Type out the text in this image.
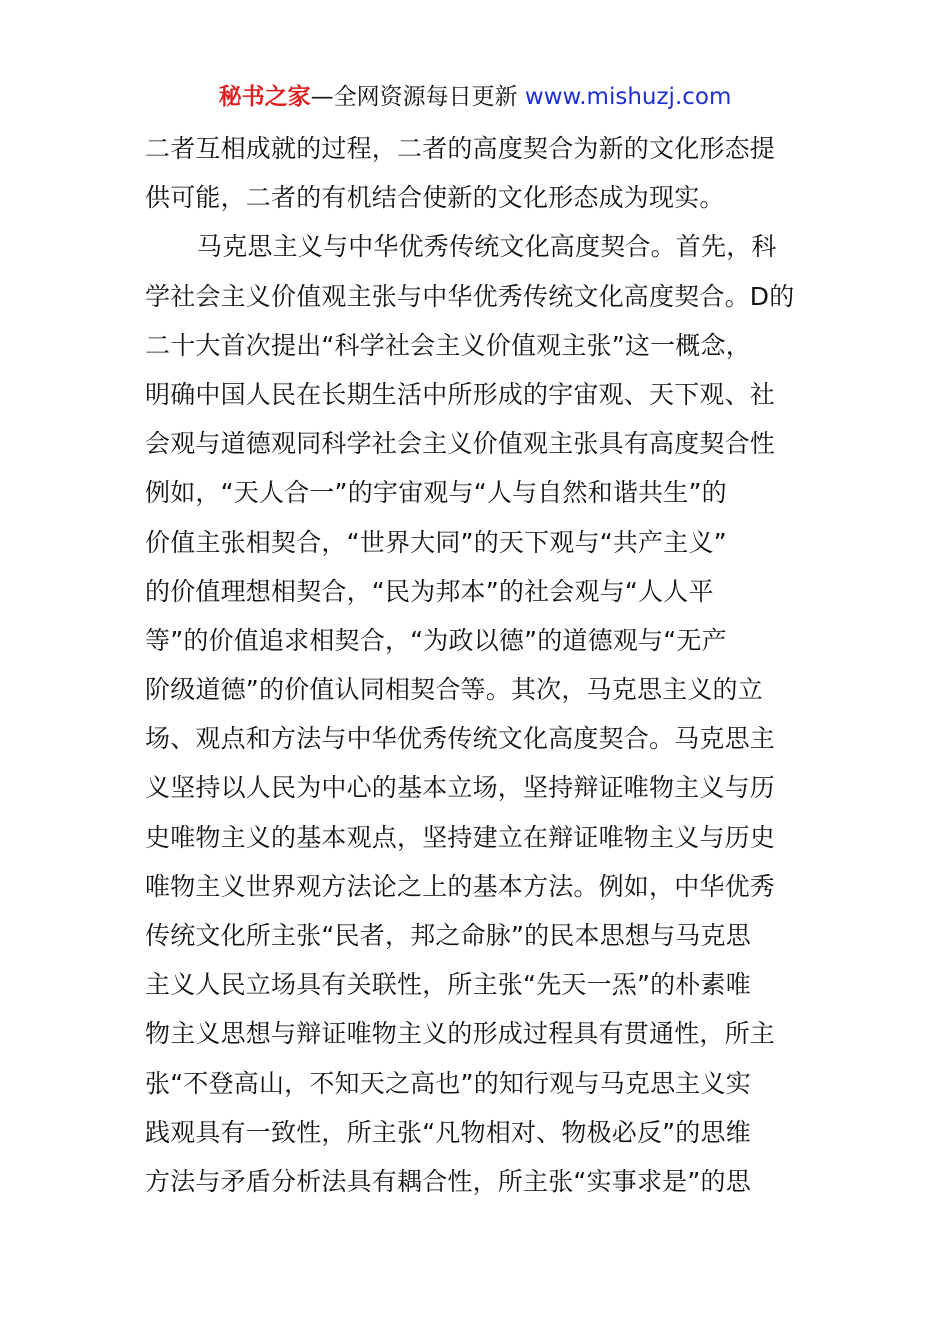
秘书之家—全网资源每日更新 www.mishuzj.com
二者互相成就的过程，二者的高度契合为新的文化形态提
供可能，二者的有机结合使新的文化形态成为现实。
马克思主义与中华优秀传统文化高度契合。首先，科
学社会主义价值观主张与中华优秀传统文化高度契合。D的
二十大首次提出“科学社会主义价值观主张”这一概念，
明确中国人民在长期生活中所形成的宇宙观、天下观、社
会观与道德观同科学社会主义价值观主张具有高度契合性
例如，“天人合一”的宇宙观与“人与自然和谐共生”的
价值主张相契合，“世界大同”的天下观与“共产主义”
的价值理想相契合，“民为邦本”的社会观与“人人平
等”的价值追求相契合，“为政以德”的道德观与“无产
阶级道德”的价值认同相契合等。其次，马克思主义的立
场、观点和方法与中华优秀传统文化高度契合。马克思主
义坚持以人民为中心的基本立场，坚持辩证唯物主义与历
史唯物主义的基本观点，坚持建立在辩证唯物主义与历史
唯物主义世界观方法论之上的基本方法。例如，中华优秀
传统文化所主张“民者，邦之命脉”的民本思想与马克思
主义人民立场具有关联性，所主张“先天一炁”的朴素唯
物主义思想与辩证唯物主义的形成过程具有贯通性，所主
张“不登高山，不知天之高也”的知行观与马克思主义实
践观具有一致性，所主张“凡物相对、物极必反”的思维
方法与矛盾分析法具有耦合性，所主张“实事求是”的思
